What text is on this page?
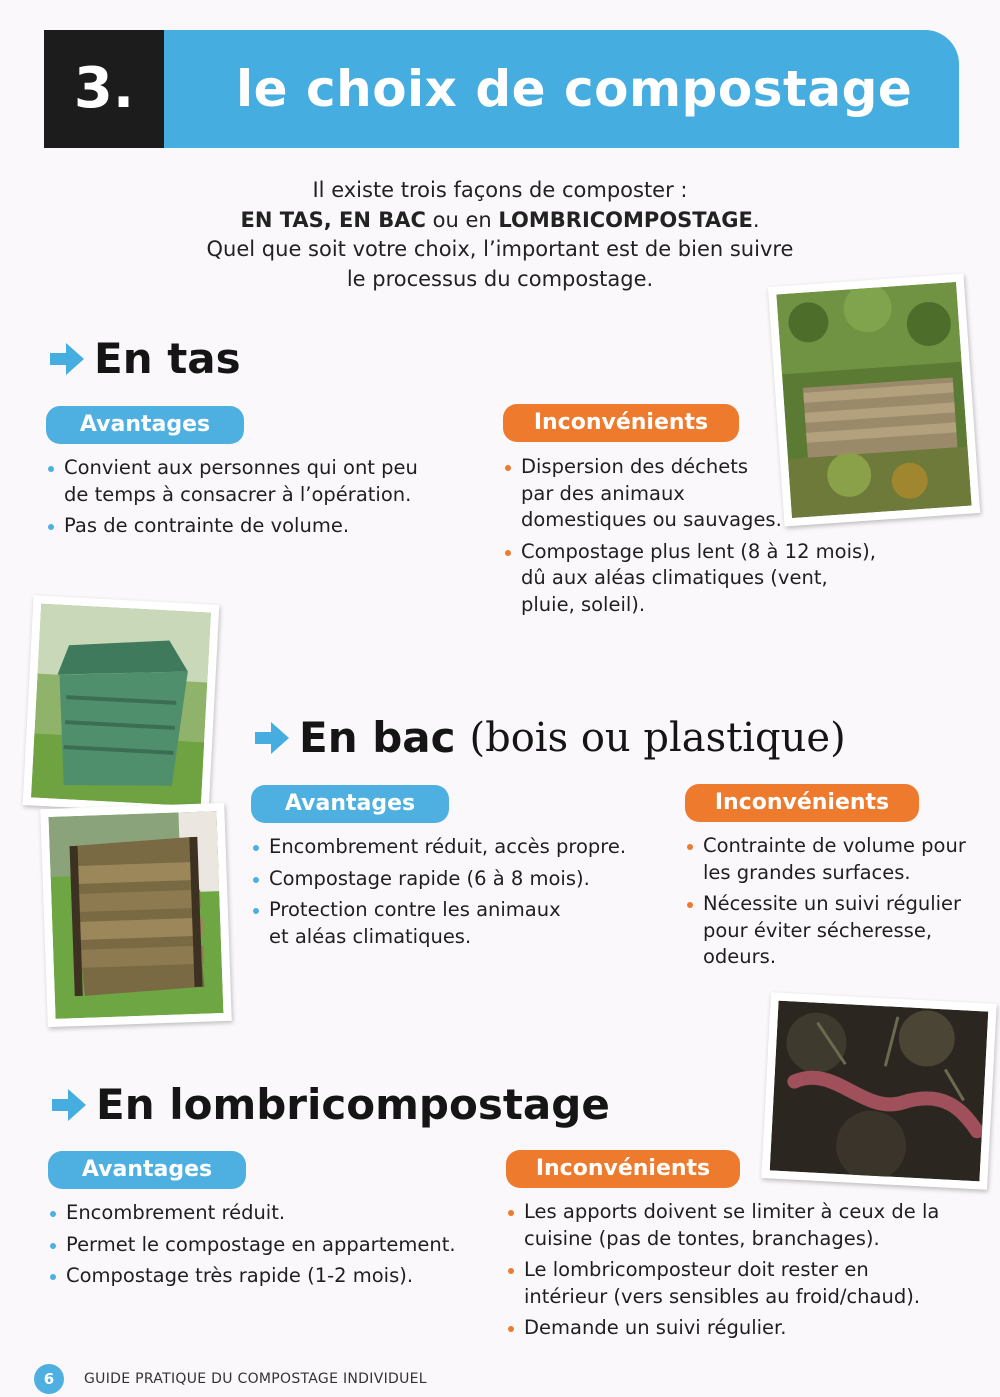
3.	le choix de compostage
Il existe trois façons de composter :
EN TAS, EN BAC ou en LOMBRICOMPOSTAGE.
Quel que soit votre choix, l’important est de bien suivre
le processus du compostage.
En tas
Avantages	Inconvénients
Convient aux personnes qui ont peu de temps à consacrer à l’opération.
Pas de contrainte de volume.
Dispersion des déchets par des animaux domestiques ou sauvages.
Compostage plus lent (8 à 12 mois), dû aux aléas climatiques (vent, pluie, soleil).
En bac (bois ou plastique)
Avantages	Inconvénients
Encombrement réduit, accès propre.
Compostage rapide (6 à 8 mois).
Protection contre les animaux et aléas climatiques.
Contrainte de volume pour les grandes surfaces.
Nécessite un suivi régulier pour éviter sécheresse, odeurs.
En lombricompostage
Avantages	Inconvénients
Encombrement réduit.
Permet le compostage en appartement.
Compostage très rapide (1-2 mois).
Les apports doivent se limiter à ceux de la cuisine (pas de tontes, branchages).
Le lombricomposteur doit rester en intérieur (vers sensibles au froid/chaud).
Demande un suivi régulier.
6	GUIDE PRATIQUE DU COMPOSTAGE INDIVIDUEL
